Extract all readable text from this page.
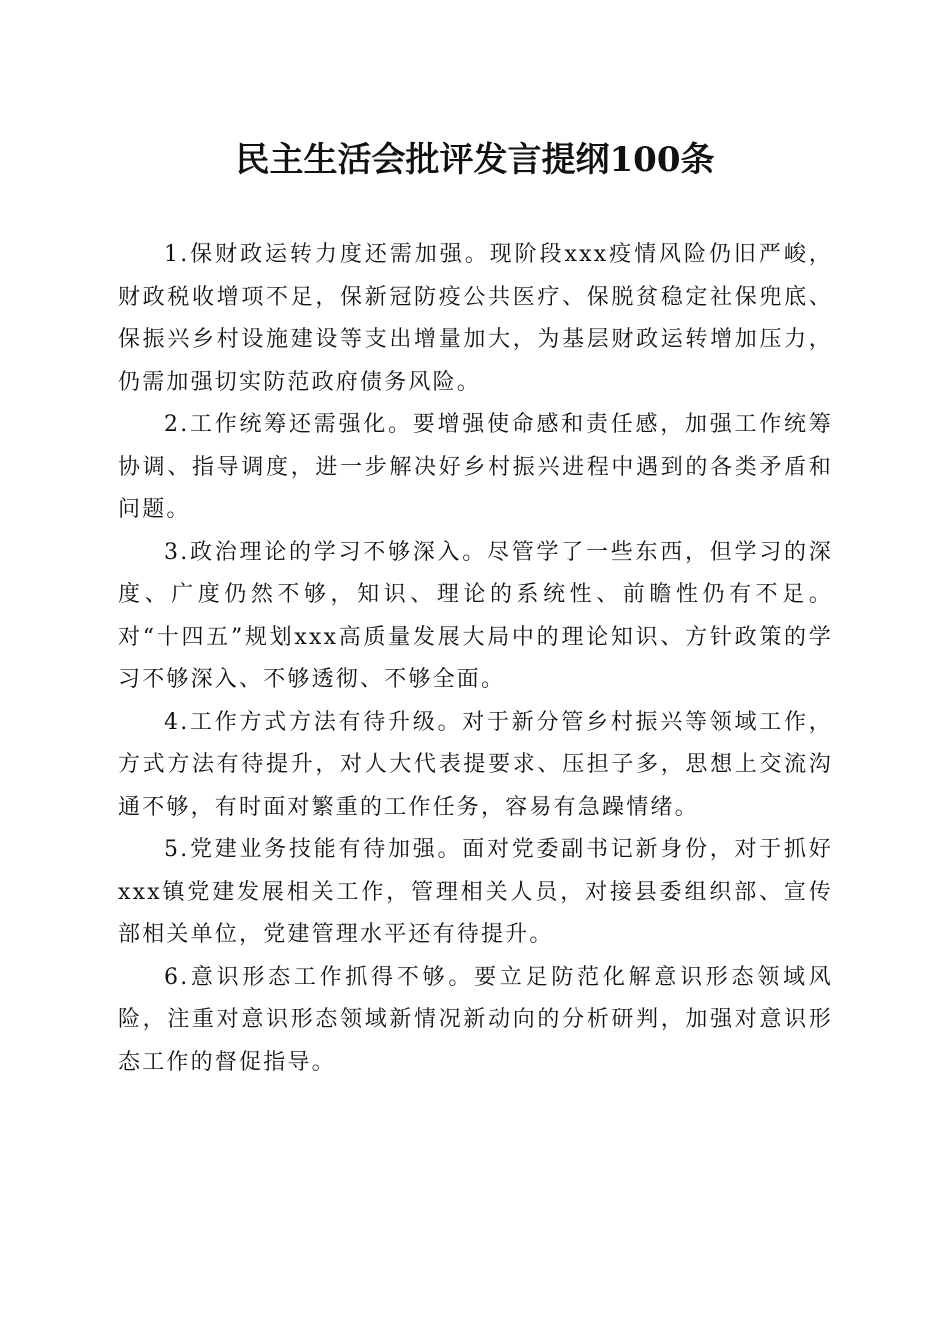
民主生活会批评发言提纲100条

1.保财政运转力度还需加强。现阶段xxx疫情风险仍旧严峻，财政税收增项不足，保新冠防疫公共医疗、保脱贫稳定社保兜底、保振兴乡村设施建设等支出增量加大，为基层财政运转增加压力，仍需加强切实防范政府债务风险。

2.工作统筹还需强化。要增强使命感和责任感，加强工作统筹协调、指导调度，进一步解决好乡村振兴进程中遇到的各类矛盾和问题。

3.政治理论的学习不够深入。尽管学了一些东西，但学习的深度、广度仍然不够，知识、理论的系统性、前瞻性仍有不足。对“十四五”规划xxx高质量发展大局中的理论知识、方针政策的学习不够深入、不够透彻、不够全面。

4.工作方式方法有待升级。对于新分管乡村振兴等领域工作，方式方法有待提升，对人大代表提要求、压担子多，思想上交流沟通不够，有时面对繁重的工作任务，容易有急躁情绪。

5.党建业务技能有待加强。面对党委副书记新身份，对于抓好xxx镇党建发展相关工作，管理相关人员，对接县委组织部、宣传部相关单位，党建管理水平还有待提升。

6.意识形态工作抓得不够。要立足防范化解意识形态领域风险，注重对意识形态领域新情况新动向的分析研判，加强对意识形态工作的督促指导。
